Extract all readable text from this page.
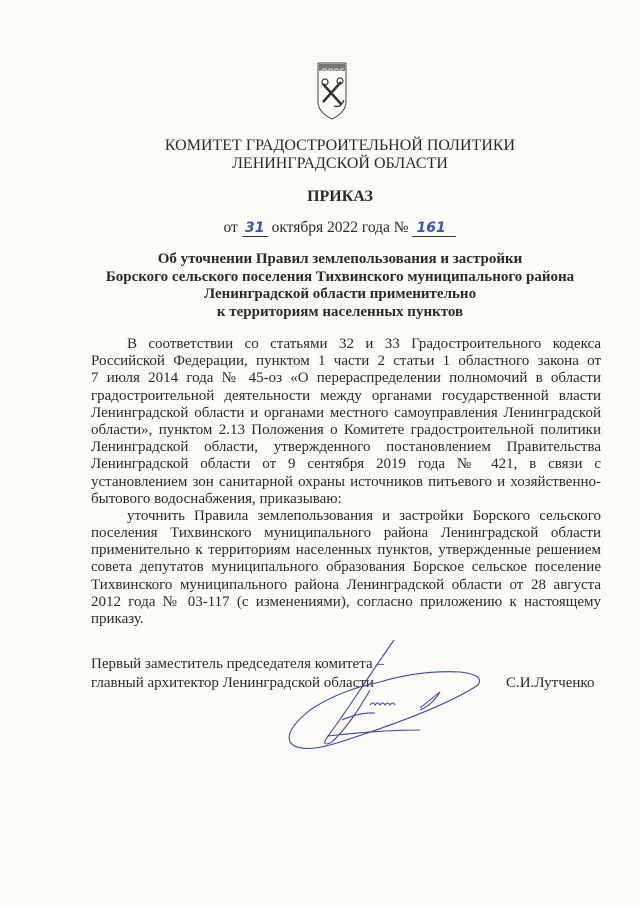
КОМИТЕТ ГРАДОСТРОИТЕЛЬНОЙ ПОЛИТИКИ
ЛЕНИНГРАДСКОЙ ОБЛАСТИ
ПРИКАЗ
от 31 октября 2022 года № 161
Об уточнении Правил землепользования и застройки
Борского сельского поселения Тихвинского муниципального района
Ленинградской области применительно
к территориям населенных пунктов
В соответствии со статьями 32 и 33 Градостроительного кодекса
Российской Федерации, пунктом 1 части 2 статьи 1 областного закона от
7 июля 2014 года № 45-оз «О перераспределении полномочий в области
градостроительной деятельности между органами государственной власти
Ленинградской области и органами местного самоуправления Ленинградской
области», пунктом 2.13 Положения о Комитете градостроительной политики
Ленинградской области, утвержденного постановлением Правительства
Ленинградской области от 9 сентября 2019 года № 421, в связи с
установлением зон санитарной охраны источников питьевого и хозяйственно-
бытового водоснабжения, приказываю:
уточнить Правила землепользования и застройки Борского сельского
поселения Тихвинского муниципального района Ленинградской области
применительно к территориям населенных пунктов, утвержденные решением
совета депутатов муниципального образования Борское сельское поселение
Тихвинского муниципального района Ленинградской области от 28 августа
2012 года № 03-117 (с изменениями), согласно приложению к настоящему
приказу.
Первый заместитель председателя комитета –
главный архитектор Ленинградской области	С.И.Лутченко
